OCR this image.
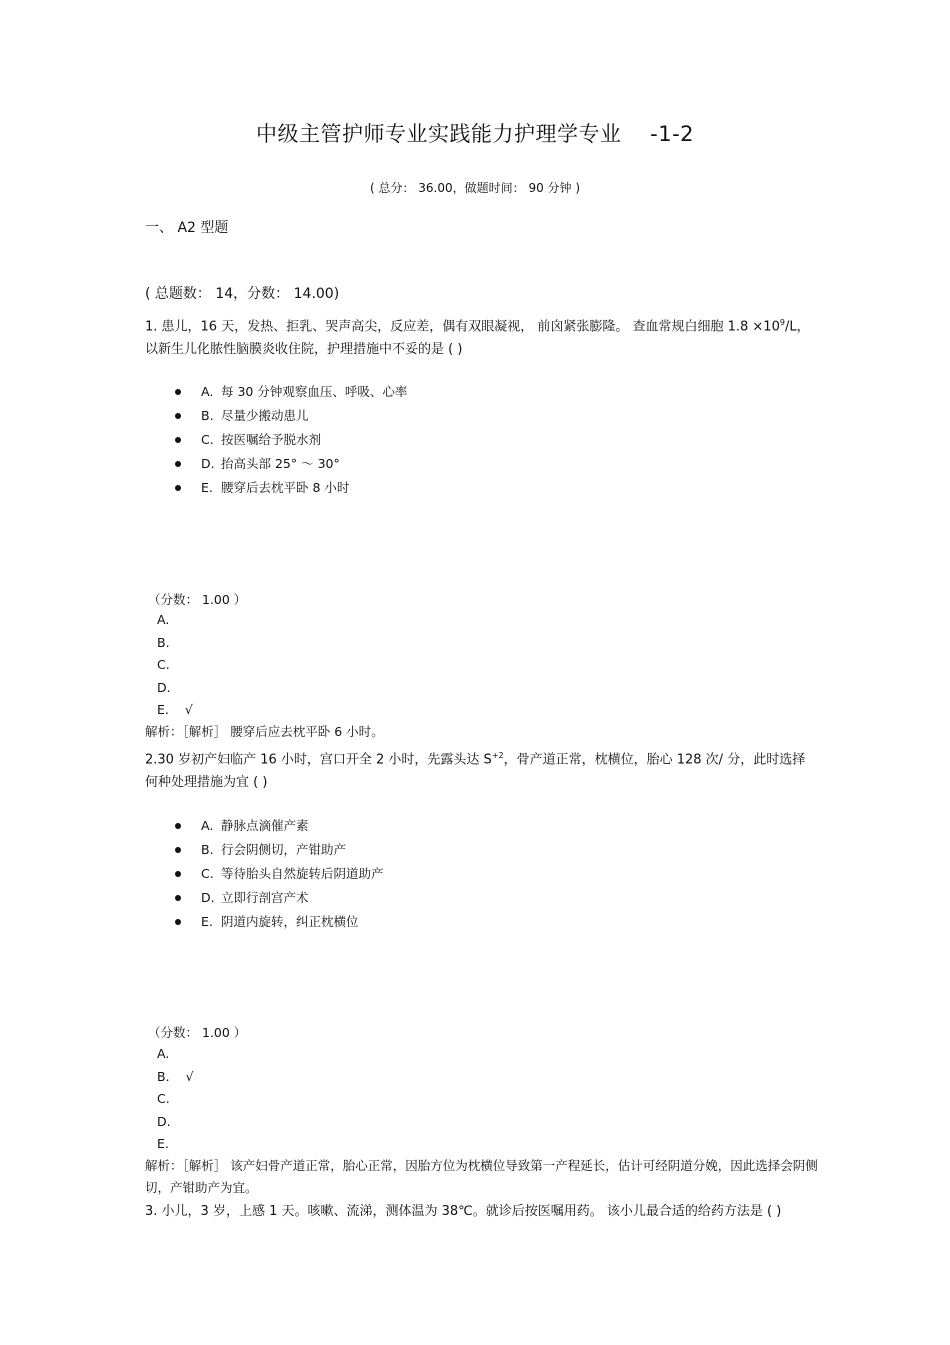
中级主管护师专业实践能力护理学专业　 -1-2
( 总分： 36.00，做题时间： 90 分钟 )
一、 A2 型题
( 总题数： 14，分数： 14.00)
1. 患儿，16 天，发热、拒乳、哭声高尖，反应差，偶有双眼凝视， 前囟紧张膨隆。 查血常规白细胞 $1.8 \times 10^9/L$，以新生儿化脓性脑膜炎收住院，护理措施中不妥的是 ( )
A. 每 30 分钟观察血压、呼吸、心率
B. 尽量少搬动患儿
C. 按医嘱给予脱水剂
D. 抬高头部 25° ～ 30°
E. 腰穿后去枕平卧 8 小时
（分数： 1.00 ）
A.
B.
C.
D.
E. √
解析：［解析］ 腰穿后应去枕平卧 6 小时。
2.30 岁初产妇临产 16 小时，宫口开全 2 小时，先露头达 $S^{+2}$，骨产道正常，枕横位，胎心 128 次/ 分，此时选择何种处理措施为宜 ( )
A. 静脉点滴催产素
B. 行会阴侧切，产钳助产
C. 等待胎头自然旋转后阴道助产
D. 立即行剖宫产术
E. 阴道内旋转，纠正枕横位
（分数： 1.00 ）
A.
B. √
C.
D.
E.
解析：［解析］ 该产妇骨产道正常，胎心正常，因胎方位为枕横位导致第一产程延长，估计可经阴道分娩，因此选择会阴侧切，产钳助产为宜。
3. 小儿，3 岁，上感 1 天。咳嗽、流涕，测体温为 38℃。就诊后按医嘱用药。 该小儿最合适的给药方法是 ( )
